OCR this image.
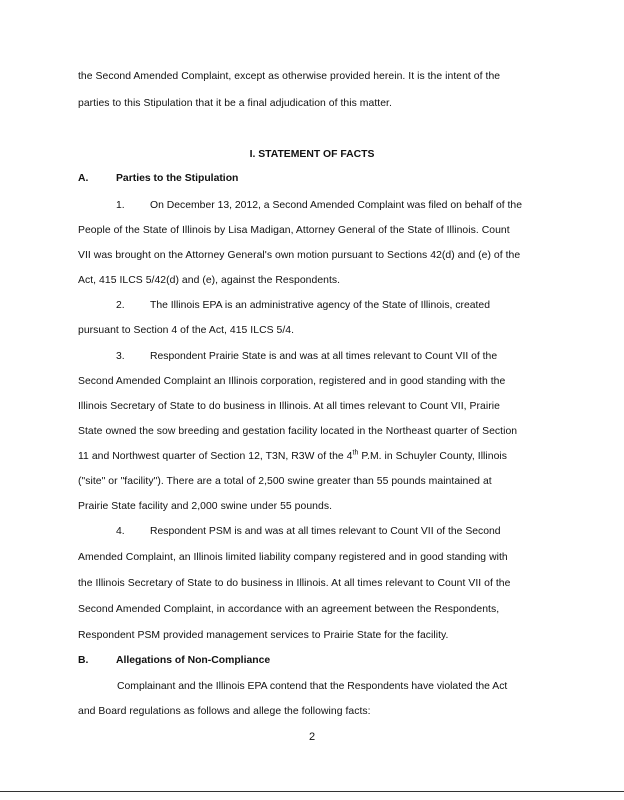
the Second Amended Complaint, except as otherwise provided herein. It is the intent of the
parties to this Stipulation that it be a final adjudication of this matter.
I. STATEMENT OF FACTS
A.	Parties to the Stipulation
1. On December 13, 2012, a Second Amended Complaint was filed on behalf of the
People of the State of Illinois by Lisa Madigan, Attorney General of the State of Illinois. Count
VII was brought on the Attorney General's own motion pursuant to Sections 42(d) and (e) of the
Act, 415 ILCS 5/42(d) and (e), against the Respondents.
2. The Illinois EPA is an administrative agency of the State of Illinois, created
pursuant to Section 4 of the Act, 415 ILCS 5/4.
3. Respondent Prairie State is and was at all times relevant to Count VII of the
Second Amended Complaint an Illinois corporation, registered and in good standing with the
Illinois Secretary of State to do business in Illinois. At all times relevant to Count VII, Prairie
State owned the sow breeding and gestation facility located in the Northeast quarter of Section
11 and Northwest quarter of Section 12, T3N, R3W of the 4th P.M. in Schuyler County, Illinois
("site" or "facility"). There are a total of 2,500 swine greater than 55 pounds maintained at
Prairie State facility and 2,000 swine under 55 pounds.
4. Respondent PSM is and was at all times relevant to Count VII of the Second
Amended Complaint, an Illinois limited liability company registered and in good standing with
the Illinois Secretary of State to do business in Illinois. At all times relevant to Count VII of the
Second Amended Complaint, in accordance with an agreement between the Respondents,
Respondent PSM provided management services to Prairie State for the facility.
B.	Allegations of Non-Compliance
Complainant and the Illinois EPA contend that the Respondents have violated the Act
and Board regulations as follows and allege the following facts:
2
